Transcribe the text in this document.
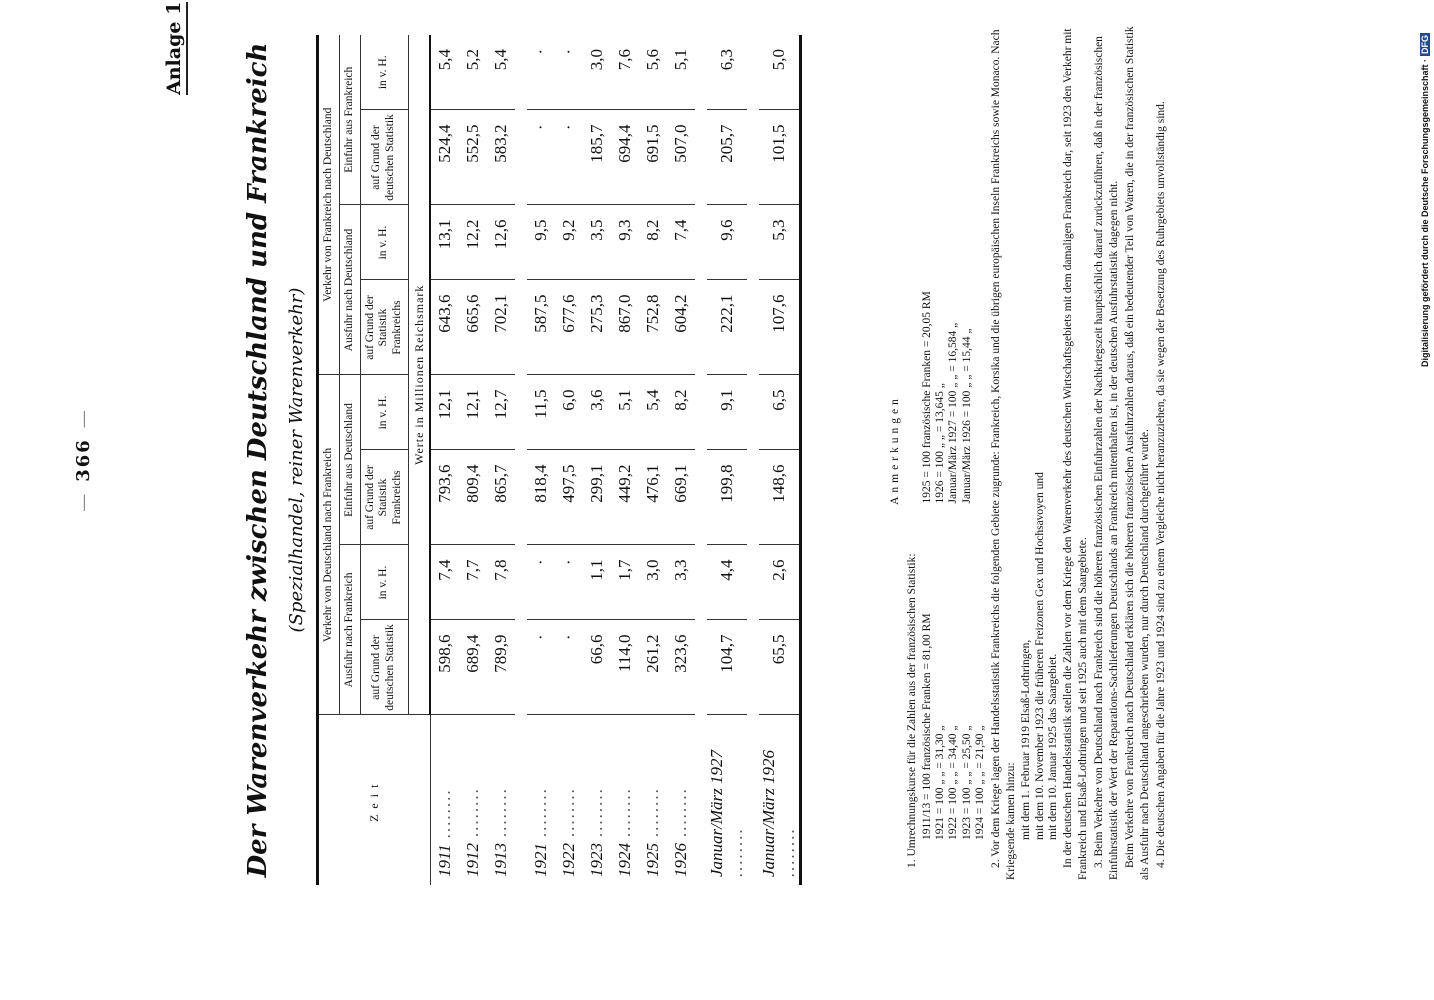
—366—
Anlage 1 Der Warenverkehr zwischen Deutschland und Frankreich (Spezialhandel, reiner Warenverkehr)
Zeit	Verkehr von Deutschland nach Frankreich				Verkehr von Frankreich nach Deutschland			
	Ausfuhr nach Frankreich		Einfuhr aus Deutschland		Ausfuhr nach Deutschland		Einfuhr aus Frankreich	
	auf Grund der deutschen Statistik	in v. H.	auf Grund der Statistik Frankreichs	in v. H.	auf Grund der Statistik Frankreichs	in v. H.	auf Grund der deutschen Statistik	in v. H.
	Werte in Millionen Reichsmark							
1911 ........	598,6	7,4	793,6	12,1	643,6	13,1	524,4	5,4
1912 ........	689,4	7,7	809,4	12,1	665,6	12,2	552,5	5,2
1913 ........	789,9	7,8	865,7	12,7	702,1	12,6	583,2	5,4

1921 ........	·	·	818,4	11,5	587,5	9,5	·	·
1922 ........	·	·	497,5	6,0	677,6	9,2	·	·
1923 ........	66,6	1,1	299,1	3,6	275,3	3,5	185,7	3,0
1924 ........	114,0	1,7	449,2	5,1	867,0	9,3	694,4	7,6
1925 ........	261,2	3,0	476,1	5,4	752,8	8,2	691,5	5,6
1926 ........	323,6	3,3	669,1	8,2	604,2	7,4	507,0	5,1

Januar/März 1927 ........	104,7	4,4	199,8	9,1	222,1	9,6	205,7	6,3

Januar/März 1926 ........	65,5	2,6	148,6	6,5	107,6	5,3	101,5	5,0
Anmerkungen

1. Umrechnungskurse für die Zahlen aus der französischen Statistik: 1911/13 = 100 französische Franken = 81,00 RM 1921 = 100 „ „ = 31,30 „ 1922 = 100 „ „ = 34,40 „ 1923 = 100 „ „ = 25,50 „ 1924 = 100 „ „ = 21,90 „
1925 = 100 französische Franken = 20,05 RM 1926 = 100 „ „ = 13,645 „ Januar/März 1927 = 100 „ „ = 16,584 „ Januar/März 1926 = 100 „ „ = 15,44 „ 2. Vor dem Kriege lagen der Handelsstatistik Frankreichs die folgenden Gebiete zugrunde: Frankreich, Korsika und die übrigen europäischen Inseln Frankreichs sowie Monaco. Nach Kriegsende kamen hinzu: mit dem 1. Februar 1919 Elsaß-Lothringen, mit dem 10. November 1923 die früheren Freizonen Gex und Hochsavoyen und mit dem 10. Januar 1925 das Saargebiet. In der deutschen Handelsstatistik stellen die Zahlen vor dem Kriege den Warenverkehr des deutschen Wirtschaftsgebiets mit dem damaligen Frankreich dar, seit 1923 den Verkehr mit Frankreich und Elsaß-Lothringen und seit 1925 auch mit dem Saargebiete. 3. Beim Verkehre von Deutschland nach Frankreich sind die höheren französischen Einfuhrzahlen der Nachkriegszeit hauptsächlich darauf zurückzuführen, daß in der französischen Einfuhrstatistik der Wert der Reparations-Sachlieferungen Deutschlands an Frankreich mitenthalten ist, in der deutschen Ausfuhrstatistik dagegen nicht. Beim Verkehre von Frankreich nach Deutschland erklären sich die höheren französischen Ausfuhrzahlen daraus, daß ein bedeutender Teil von Waren, die in der französischen Statistik als Ausfuhr nach Deutschland angeschrieben wurden, nur durch Deutschland durchgeführt wurde. 4. Die deutschen Angaben für die Jahre 1923 und 1924 sind zu einem Vergleiche nicht heranzuziehen, da sie wegen der Besetzung des Ruhrgebiets unvollständig sind.	Digitalisierung gefördert durch die Deutsche Forschungsgemeinschaft ·DFG
